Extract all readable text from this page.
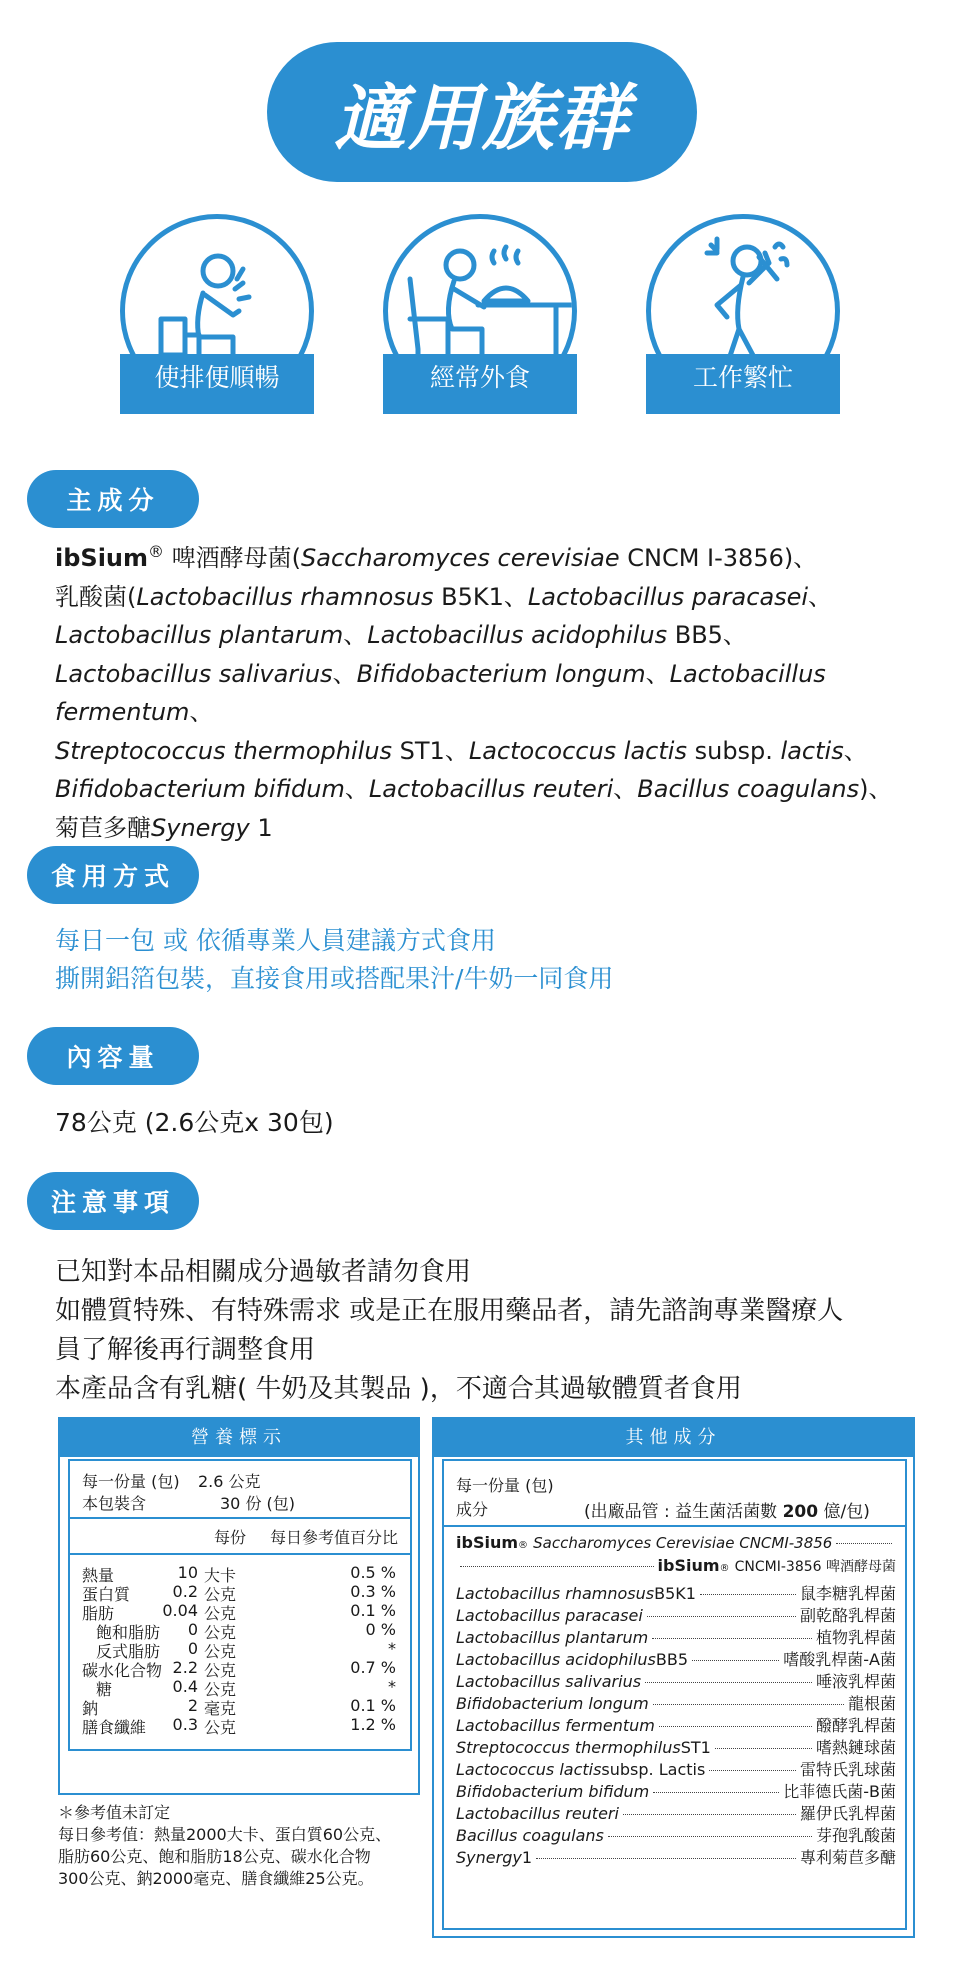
適用族群
使排便順暢	經常外食	工作繁忙
主成分
ibSium® 啤酒酵母菌(Saccharomyces cerevisiae CNCM I-3856)、
乳酸菌(Lactobacillus rhamnosus B5K1、Lactobacillus paracasei、
Lactobacillus plantarum、Lactobacillus acidophilus BB5、
Lactobacillus salivarius、Bifidobacterium longum、Lactobacillus fermentum、
Streptococcus thermophilus ST1、Lactococcus lactis subsp. lactis、
Bifidobacterium bifidum、Lactobacillus reuteri、Bacillus coagulans)、
菊苣多醣Synergy 1
食用方式
每日一包 或 依循專業人員建議方式食用
撕開鋁箔包裝，直接食用或搭配果汁/牛奶一同食用
內容量
78公克 (2.6公克x 30包)
注意事項
已知對本品相關成分過敏者請勿食用
如體質特殊、有特殊需求 或是正在服用藥品者，請先諮詢專業醫療人
員了解後再行調整食用
本產品含有乳糖( 牛奶及其製品 )，不適合其過敏體質者食用
營養標示
每一份量 (包) 2.6 公克
本包裝含	30 份 (包)
每份 每日參考值百分比
熱量	10 大卡	0.5 %
蛋白質	0.2 公克	0.3 %
脂肪	0.04 公克	0.1 %
飽和脂肪	0 公克	0 %
反式脂肪	0 公克	*
碳水化合物 2.2 公克	0.7 %
糖	0.4 公克	*
鈉	2 毫克	0.1 %
膳食纖維	0.3 公克	1.2 %
＊參考值未訂定
每日參考值：熱量2000大卡、蛋白質60公克、
脂肪60公克、飽和脂肪18公克、碳水化合物
300公克、鈉2000毫克、膳食纖維25公克。
其他成分
每一份量 (包)
成分	(出廠品管 : 益生菌活菌數 200 億/包)
ibSium ®
Saccharomyces Cerevisiae CNCMI-3856
ibSium ®
CNCMI-3856 啤酒酵母菌
Lactobacillus rhamnosus B5K1	鼠李糖乳桿菌
Lactobacillus paracasei	副乾酪乳桿菌
Lactobacillus plantarum	植物乳桿菌
Lactobacillus acidophilus BB5	嗜酸乳桿菌-A菌
Lactobacillus salivarius	唾液乳桿菌
Bifidobacterium longum	龍根菌
Lactobacillus fermentum	醱酵乳桿菌
Streptococcus thermophilus ST1	嗜熱鏈球菌
Lactococcus lactis subsp. Lactis	雷特氏乳球菌
Bifidobacterium bifidum	比菲德氏菌-B菌
Lactobacillus reuteri	羅伊氏乳桿菌
Bacillus coagulans	芽孢乳酸菌
Synergy 1	專利菊苣多醣
